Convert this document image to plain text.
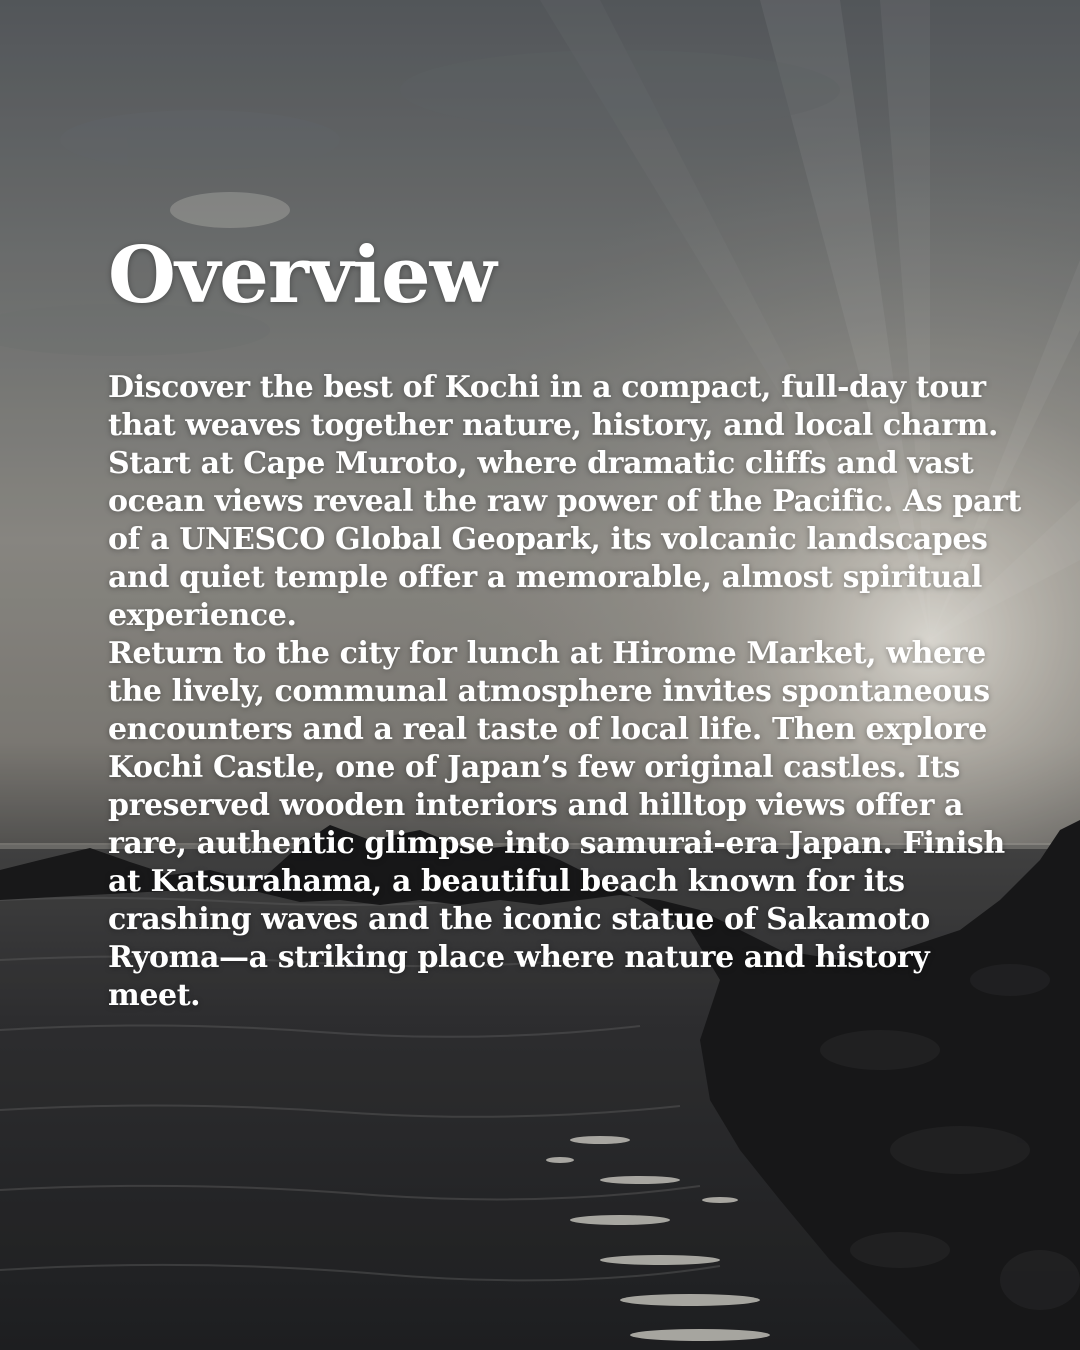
Overview

Discover the best of Kochi in a compact, full-day tour that weaves together nature, history, and local charm. Start at Cape Muroto, where dramatic cliffs and vast ocean views reveal the raw power of the Pacific. As part of a UNESCO Global Geopark, its volcanic landscapes and quiet temple offer a memorable, almost spiritual experience.

Return to the city for lunch at Hirome Market, where the lively, communal atmosphere invites spontaneous encounters and a real taste of local life. Then explore Kochi Castle, one of Japan’s few original castles. Its preserved wooden interiors and hilltop views offer a rare, authentic glimpse into samurai-era Japan. Finish at Katsurahama, a beautiful beach known for its crashing waves and the iconic statue of Sakamoto Ryoma—a striking place where nature and history meet.
